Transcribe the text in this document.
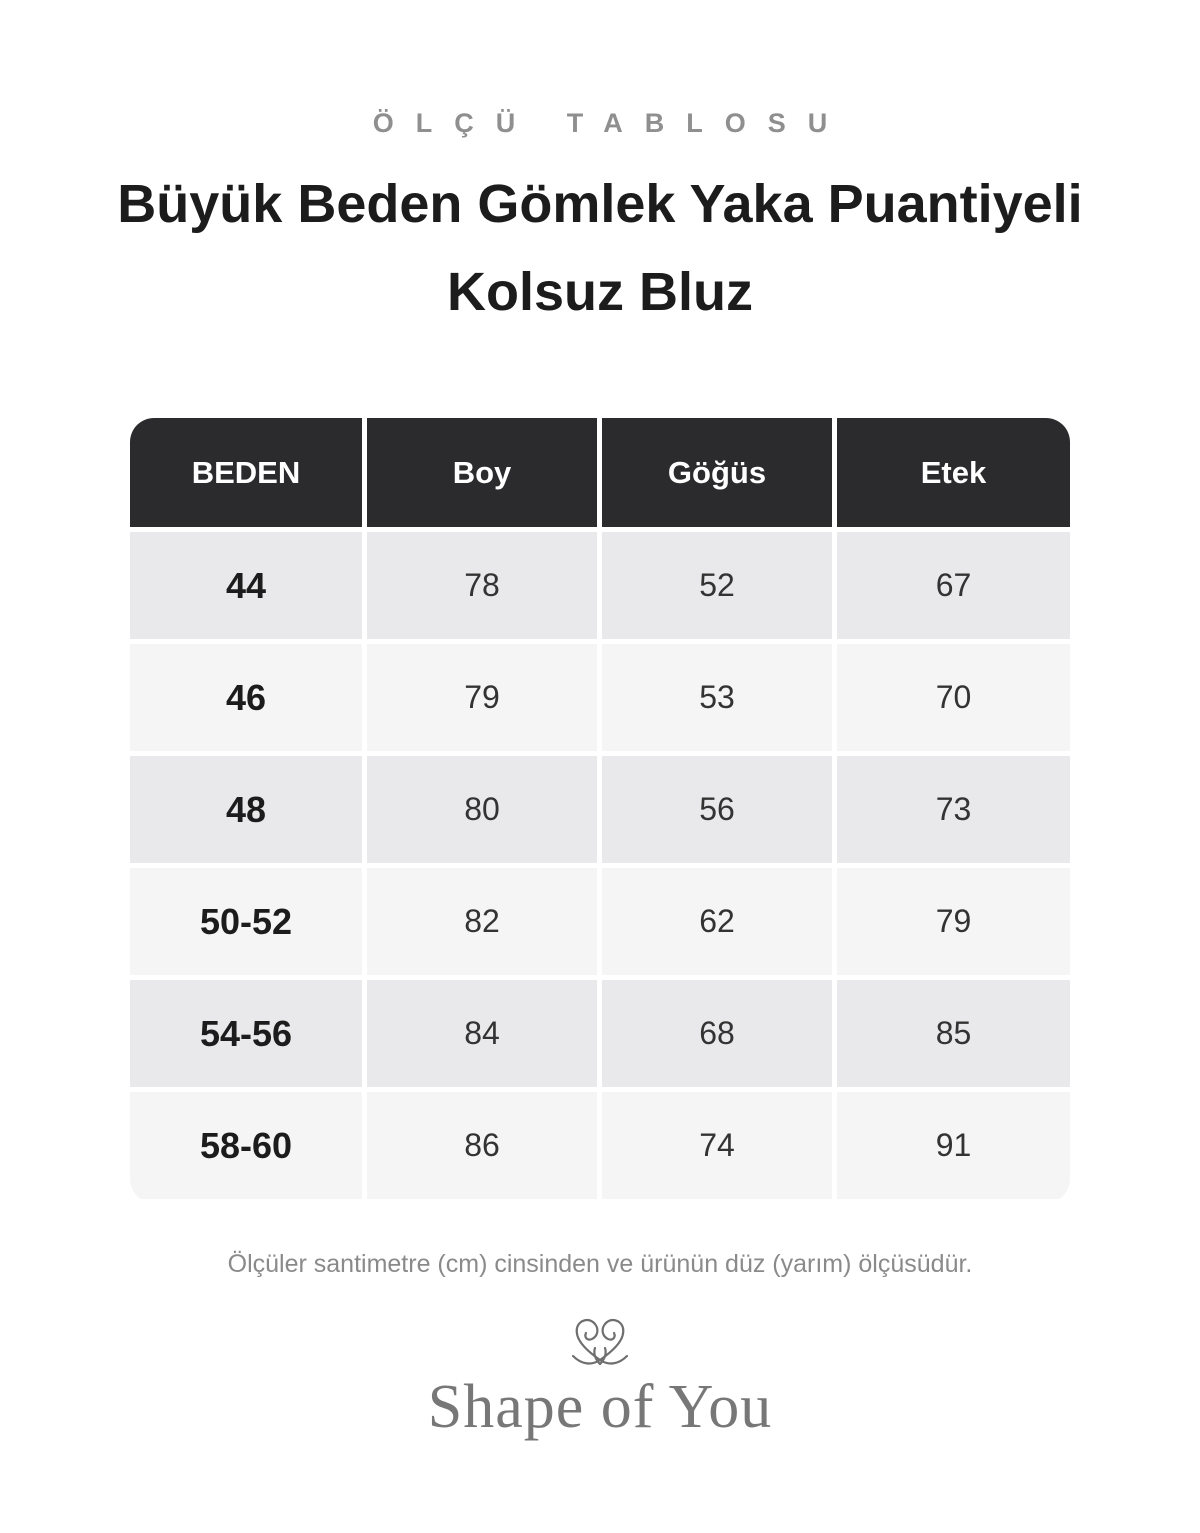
ÖLÇÜ TABLOSU
Büyük Beden Gömlek Yaka Puantiyeli Kolsuz Bluz
BEDEN	Boy	Göğüs	Etek
44	78	52	67
46	79	53	70
48	80	56	73
50-52	82	62	79
54-56	84	68	85
58-60	86	74	91
Ölçüler santimetre (cm) cinsinden ve ürünün düz (yarım) ölçüsüdür.
Shape of You
